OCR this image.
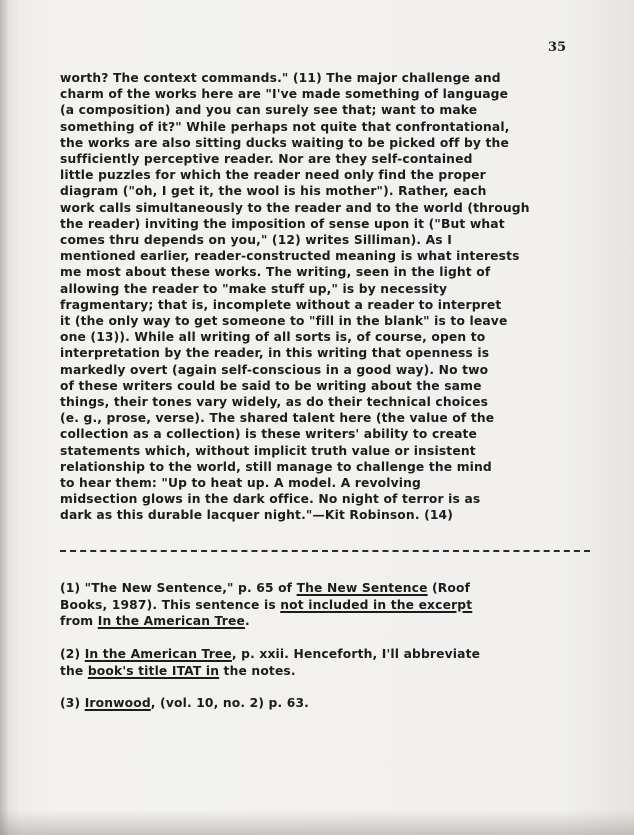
35
worth? The context commands." (11) The major challenge and
charm of the works here are "I've made something of language
(a composition) and you can surely see that; want to make
something of it?" While perhaps not quite that confrontational,
the works are also sitting ducks waiting to be picked off by the
sufficiently perceptive reader. Nor are they self-contained
little puzzles for which the reader need only find the proper
diagram ("oh, I get it, the wool is his mother"). Rather, each
work calls simultaneously to the reader and to the world (through
the reader) inviting the imposition of sense upon it ("But what
comes thru depends on you," (12) writes Silliman). As I
mentioned earlier, reader-constructed meaning is what interests
me most about these works. The writing, seen in the light of
allowing the reader to "make stuff up," is by necessity
fragmentary; that is, incomplete without a reader to interpret
it (the only way to get someone to "fill in the blank" is to leave
one (13)). While all writing of all sorts is, of course, open to
interpretation by the reader, in this writing that openness is
markedly overt (again self-conscious in a good way). No two
of these writers could be said to be writing about the same
things, their tones vary widely, as do their technical choices
(e. g., prose, verse). The shared talent here (the value of the
collection as a collection) is these writers' ability to create
statements which, without implicit truth value or insistent
relationship to the world, still manage to challenge the mind
to hear them: "Up to heat up. A model. A revolving
midsection glows in the dark office. No night of terror is as
dark as this durable lacquer night."—Kit Robinson. (14)
(1) "The New Sentence," p. 65 of The New Sentence (Roof
Books, 1987). This sentence is not included in the excerpt
from In the American Tree.
(2) In the American Tree, p. xxii. Henceforth, I'll abbreviate
the book's title ITAT in the notes.
(3) Ironwood, (vol. 10, no. 2) p. 63.
